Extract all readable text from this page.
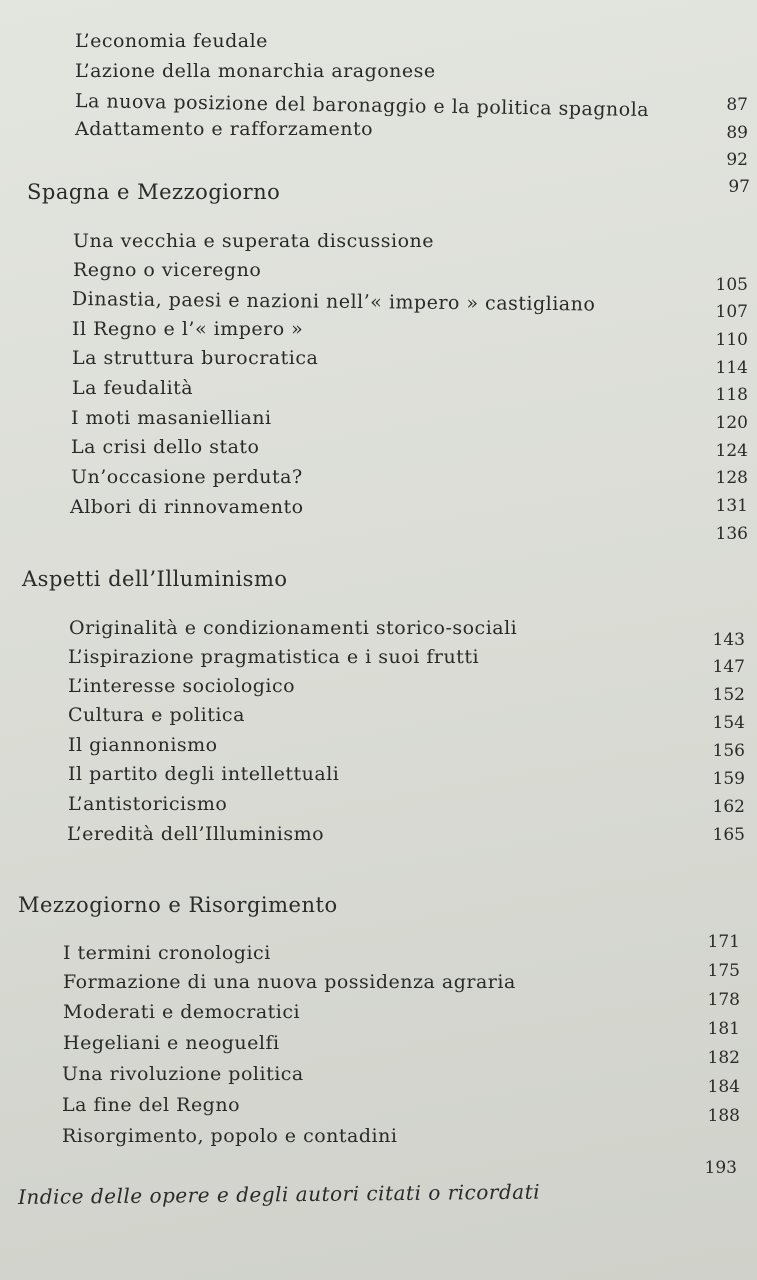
L’economia feudale
L’azione della monarchia aragonese
La nuova posizione del baronaggio e la politica spagnola
Adattamento e rafforzamento
87
89
92
97
Spagna e Mezzogiorno
Una vecchia e superata discussione
Regno o viceregno
Dinastia, paesi e nazioni nell’« impero » castigliano
Il Regno e l’« impero »
La struttura burocratica
La feudalità
I moti masanielliani
La crisi dello stato
Un’occasione perduta?
Albori di rinnovamento
105
107
110
114
118
120
124
128
131
136
Aspetti dell’Illuminismo
Originalità e condizionamenti storico-sociali
L’ispirazione pragmatistica e i suoi frutti
L’interesse sociologico
Cultura e politica
Il giannonismo
Il partito degli intellettuali
L’antistoricismo
L’eredità dell’Illuminismo
143
147
152
154
156
159
162
165
Mezzogiorno e Risorgimento
I termini cronologici
Formazione di una nuova possidenza agraria
Moderati e democratici
Hegeliani e neoguelfi
Una rivoluzione politica
La fine del Regno
Risorgimento, popolo e contadini
171
175
178
181
182
184
188
193
Indice delle opere e degli autori citati o ricordati
